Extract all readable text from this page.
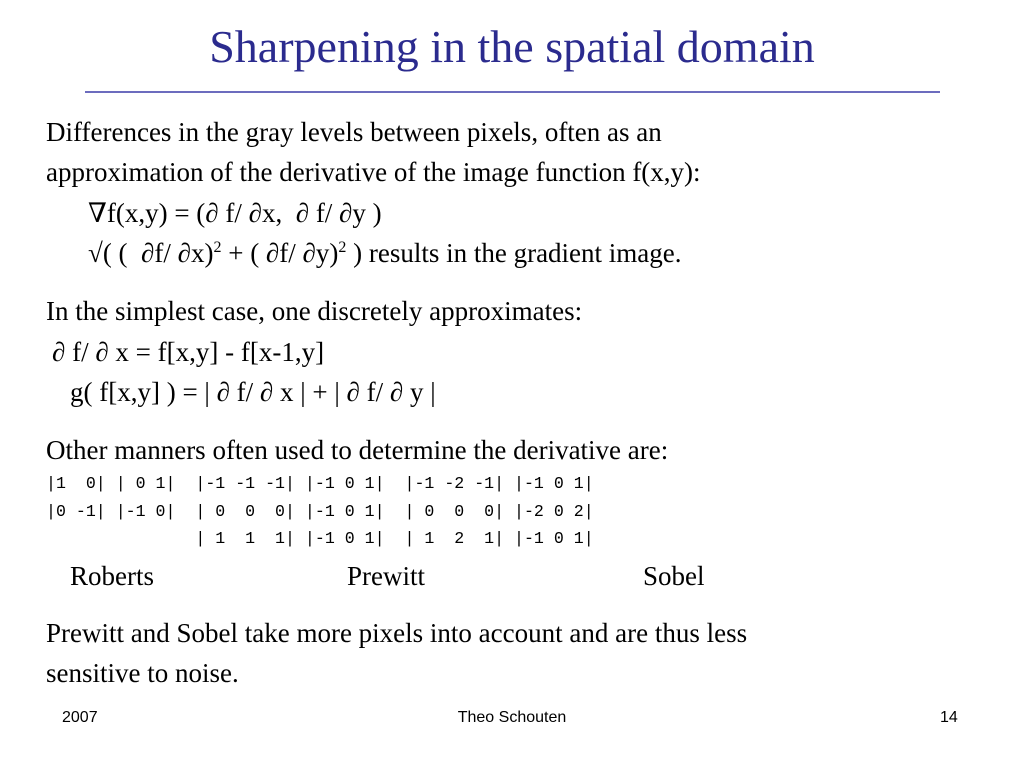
Sharpening in the spatial domain
Differences in the gray levels between pixels, often as an
approximation of the derivative of the image function f(x,y):
∇f(x,y) = (∂ f/ ∂x,  ∂ f/ ∂y )
√( (  ∂f/ ∂x)$^2$ + ( ∂f/ ∂y)$^2$ ) results in the gradient image.
In the simplest case, one discretely approximates:
∂ f/ ∂ x = f[x,y] - f[x-1,y]
g( f[x,y] ) = | ∂ f/ ∂ x | + | ∂ f/ ∂ y |
Other manners often used to determine the derivative are:
|1  0| | 0 1|  |-1 -1 -1| |-1 0 1|  |-1 -2 -1| |-1 0 1|
|0 -1| |-1 0|  | 0  0  0| |-1 0 1|  | 0  0  0| |-2 0 2|
| 1  1  1| |-1 0 1|  | 1  2  1| |-1 0 1|
Roberts	Prewitt	Sobel
Prewitt and Sobel take more pixels into account and are thus less
sensitive to noise.
2007	Theo Schouten	14
